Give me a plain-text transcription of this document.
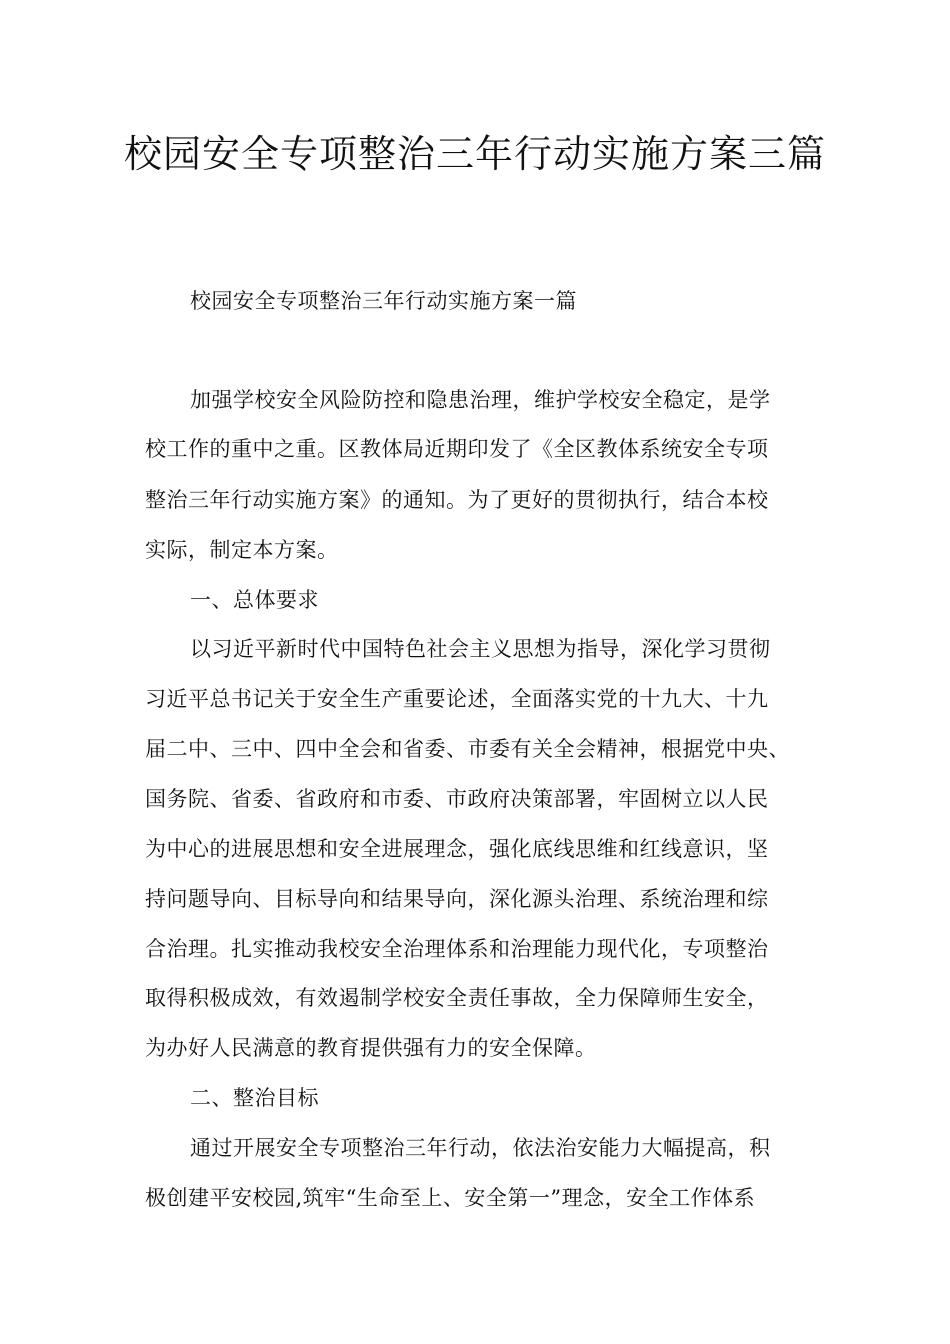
校园安全专项整治三年行动实施方案三篇

校园安全专项整治三年行动实施方案一篇

加强学校安全风险防控和隐患治理，维护学校安全稳定，是学

校工作的重中之重。区教体局近期印发了《全区教体系统安全专项

整治三年行动实施方案》的通知。为了更好的贯彻执行，结合本校

实际，制定本方案。

一、总体要求

以习近平新时代中国特色社会主义思想为指导，深化学习贯彻

习近平总书记关于安全生产重要论述，全面落实党的十九大、十九

届二中、三中、四中全会和省委、市委有关全会精神，根据党中央、

国务院、省委、省政府和市委、市政府决策部署，牢固树立以人民

为中心的进展思想和安全进展理念，强化底线思维和红线意识，坚

持问题导向、目标导向和结果导向，深化源头治理、系统治理和综

合治理。扎实推动我校安全治理体系和治理能力现代化，专项整治

取得积极成效，有效遏制学校安全责任事故，全力保障师生安全，

为办好人民满意的教育提供强有力的安全保障。

二、整治目标

通过开展安全专项整治三年行动，依法治安能力大幅提高，积

极创建平安校园,筑牢“生命至上、安全第一”理念，安全工作体系
